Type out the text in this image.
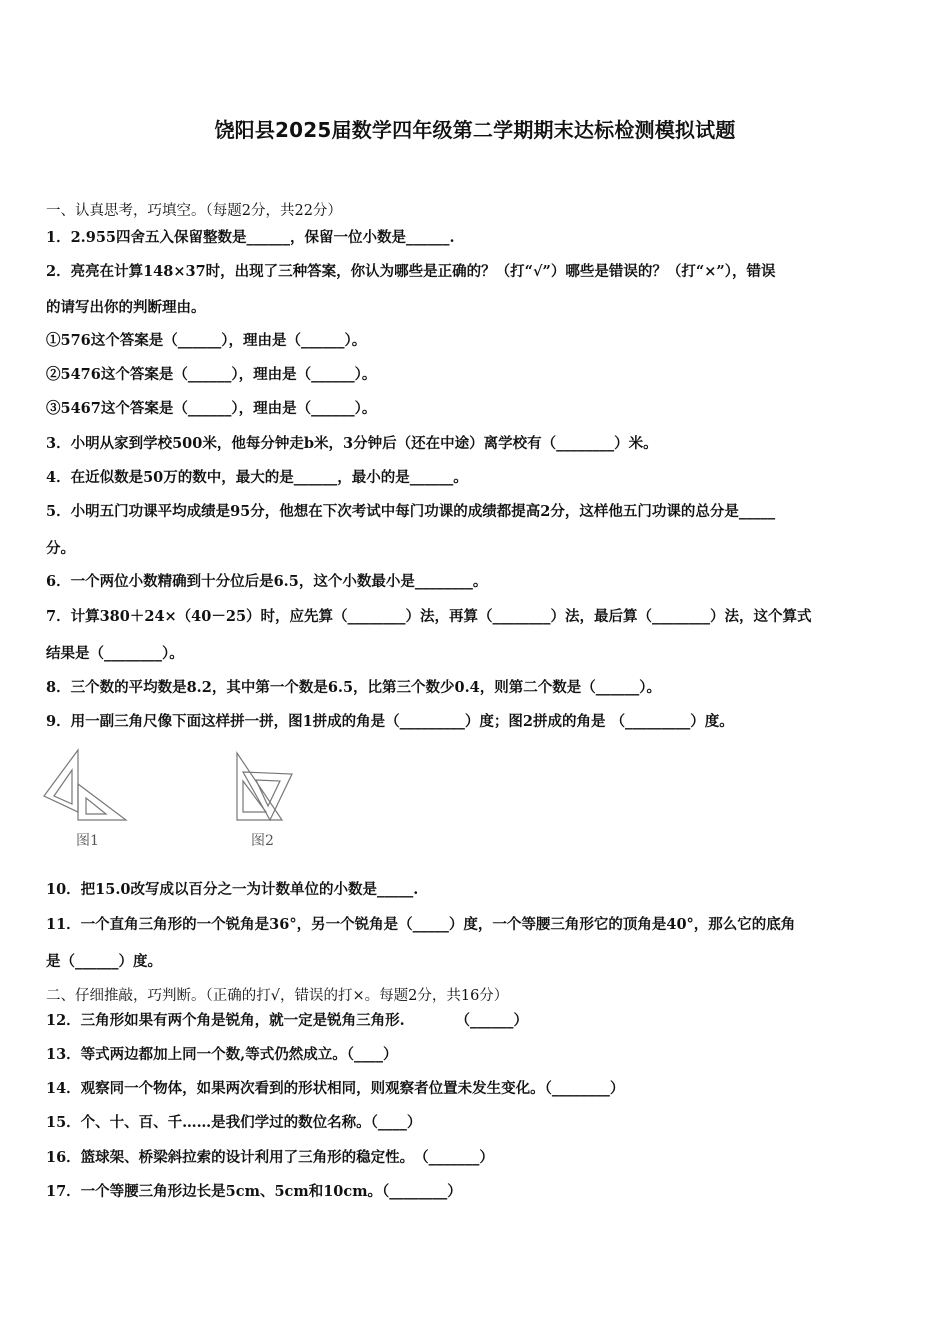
饶阳县2025届数学四年级第二学期期末达标检测模拟试题
一、认真思考，巧填空。（每题2分，共22分）
1．2.955四舍五入保留整数是______，保留一位小数是______.
2．亮亮在计算148×37时，出现了三种答案，你认为哪些是正确的？（打“√”）哪些是错误的？（打“×”），错误
的请写出你的判断理由。
①576这个答案是（______），理由是（______）。
②5476这个答案是（______），理由是（______）。
③5467这个答案是（______），理由是（______）。
3．小明从家到学校500米，他每分钟走b米，3分钟后（还在中途）离学校有（________）米。
4．在近似数是50万的数中，最大的是______，最小的是______。
5．小明五门功课平均成绩是95分，他想在下次考试中每门功课的成绩都提高2分，这样他五门功课的总分是_____
分。
6．一个两位小数精确到十分位后是6.5，这个小数最小是________。
7．计算380＋24×（40－25）时，应先算（________）法，再算（________）法，最后算（________）法，这个算式
结果是（________）。
8．三个数的平均数是8.2，其中第一个数是6.5，比第三个数少0.4，则第二个数是（______）。
9．用一副三角尺像下面这样拼一拼，图1拼成的角是（_________）度；图2拼成的角是 （_________）度。
图1	图2
10．把15.0改写成以百分之一为计数单位的小数是_____.
11．一个直角三角形的一个锐角是36°，另一个锐角是（_____）度，一个等腰三角形它的顶角是40°，那么它的底角
是（______）度。
二、仔细推敲，巧判断。（正确的打√，错误的打×。每题2分，共16分）
12．三角形如果有两个角是锐角，就一定是锐角三角形.　　　　（______）
13．等式两边都加上同一个数,等式仍然成立。（____）
14．观察同一个物体，如果两次看到的形状相同，则观察者位置未发生变化。（________）
15．个、十、百、千……是我们学过的数位名称。（____）
16．篮球架、桥梁斜拉索的设计利用了三角形的稳定性。　（_______）
17．一个等腰三角形边长是5cm、5cm和10cm。（________）
